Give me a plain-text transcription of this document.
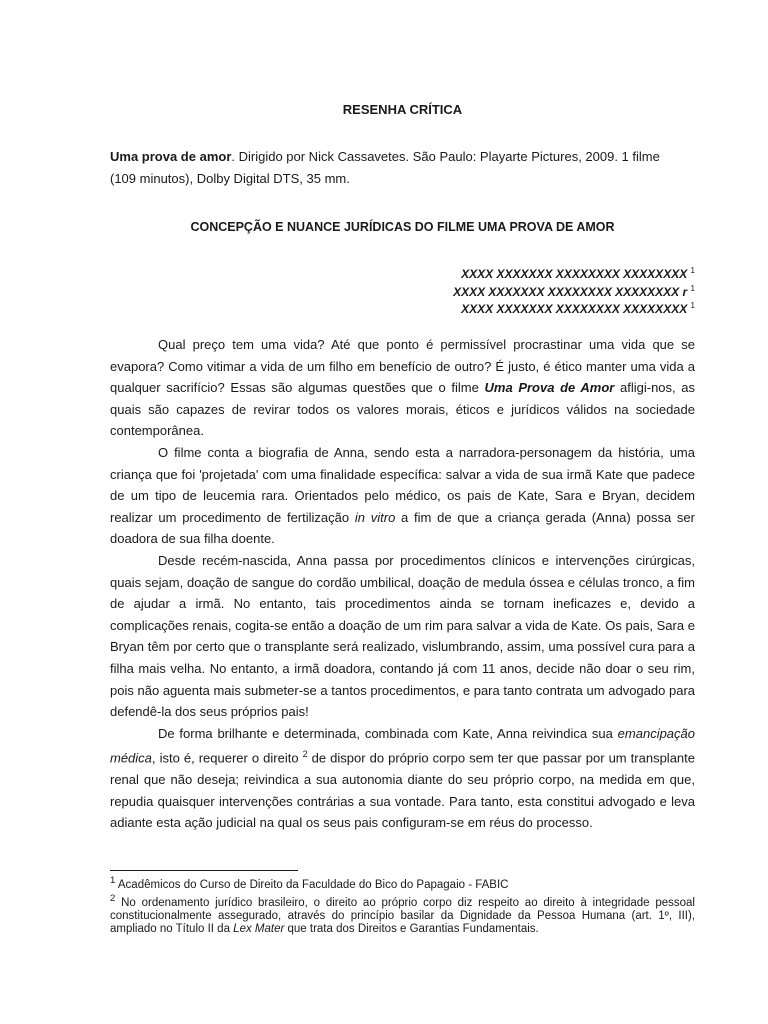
RESENHA CRÍTICA
Uma prova de amor. Dirigido por Nick Cassavetes. São Paulo: Playarte Pictures, 2009. 1 filme
(109 minutos), Dolby Digital DTS, 35 mm.
CONCEPÇÃO E NUANCE JURÍDICAS DO FILME UMA PROVA DE AMOR
XXXX XXXXXXX XXXXXXXX XXXXXXXX $^1$
XXXX XXXXXXX XXXXXXXX XXXXXXXX r $^1$
XXXX XXXXXXX XXXXXXXX XXXXXXXX $^1$

Qual preço tem uma vida? Até que ponto é permissível procrastinar uma vida que se evapora? Como vitimar a vida de um filho em benefício de outro? É justo, é ético manter uma vida a qualquer sacrifício? Essas são algumas questões que o filme Uma Prova de Amor afligi-nos, as quais são capazes de revirar todos os valores morais, éticos e jurídicos válidos na sociedade contemporânea.

O filme conta a biografia de Anna, sendo esta a narradora-personagem da história, uma criança que foi 'projetada' com uma finalidade específica: salvar a vida de sua irmã Kate que padece de um tipo de leucemia rara. Orientados pelo médico, os pais de Kate, Sara e Bryan, decidem realizar um procedimento de fertilização in vitro a fim de que a criança gerada (Anna) possa ser doadora de sua filha doente.

Desde recém-nascida, Anna passa por procedimentos clínicos e intervenções cirúrgicas, quais sejam, doação de sangue do cordão umbilical, doação de medula óssea e células tronco, a fim de ajudar a irmã. No entanto, tais procedimentos ainda se tornam ineficazes e, devido a complicações renais, cogita-se então a doação de um rim para salvar a vida de Kate. Os pais, Sara e Bryan têm por certo que o transplante será realizado, vislumbrando, assim, uma possível cura para a filha mais velha. No entanto, a irmã doadora, contando já com 11 anos, decide não doar o seu rim, pois não aguenta mais submeter-se a tantos procedimentos, e para tanto contrata um advogado para defendê-la dos seus próprios pais!

De forma brilhante e determinada, combinada com Kate, Anna reivindica sua emancipação médica, isto é, requerer o direito $^2$ de dispor do próprio corpo sem ter que passar por um transplante renal que não deseja; reivindica a sua autonomia diante do seu próprio corpo, na medida em que, repudia quaisquer intervenções contrárias a sua vontade. Para tanto, esta constitui advogado e leva adiante esta ação judicial na qual os seus pais configuram-se em réus do processo.

$^1$ Acadêmicos do Curso de Direito da Faculdade do Bico do Papagaio - FABIC
$^2$ No ordenamento jurídico brasileiro, o direito ao próprio corpo diz respeito ao direito à integridade pessoal constitucionalmente assegurado, através do princípio basilar da Dignidade da Pessoa Humana (art. 1º, III), ampliado no Título II da Lex Mater que trata dos Direitos e Garantias Fundamentais.
